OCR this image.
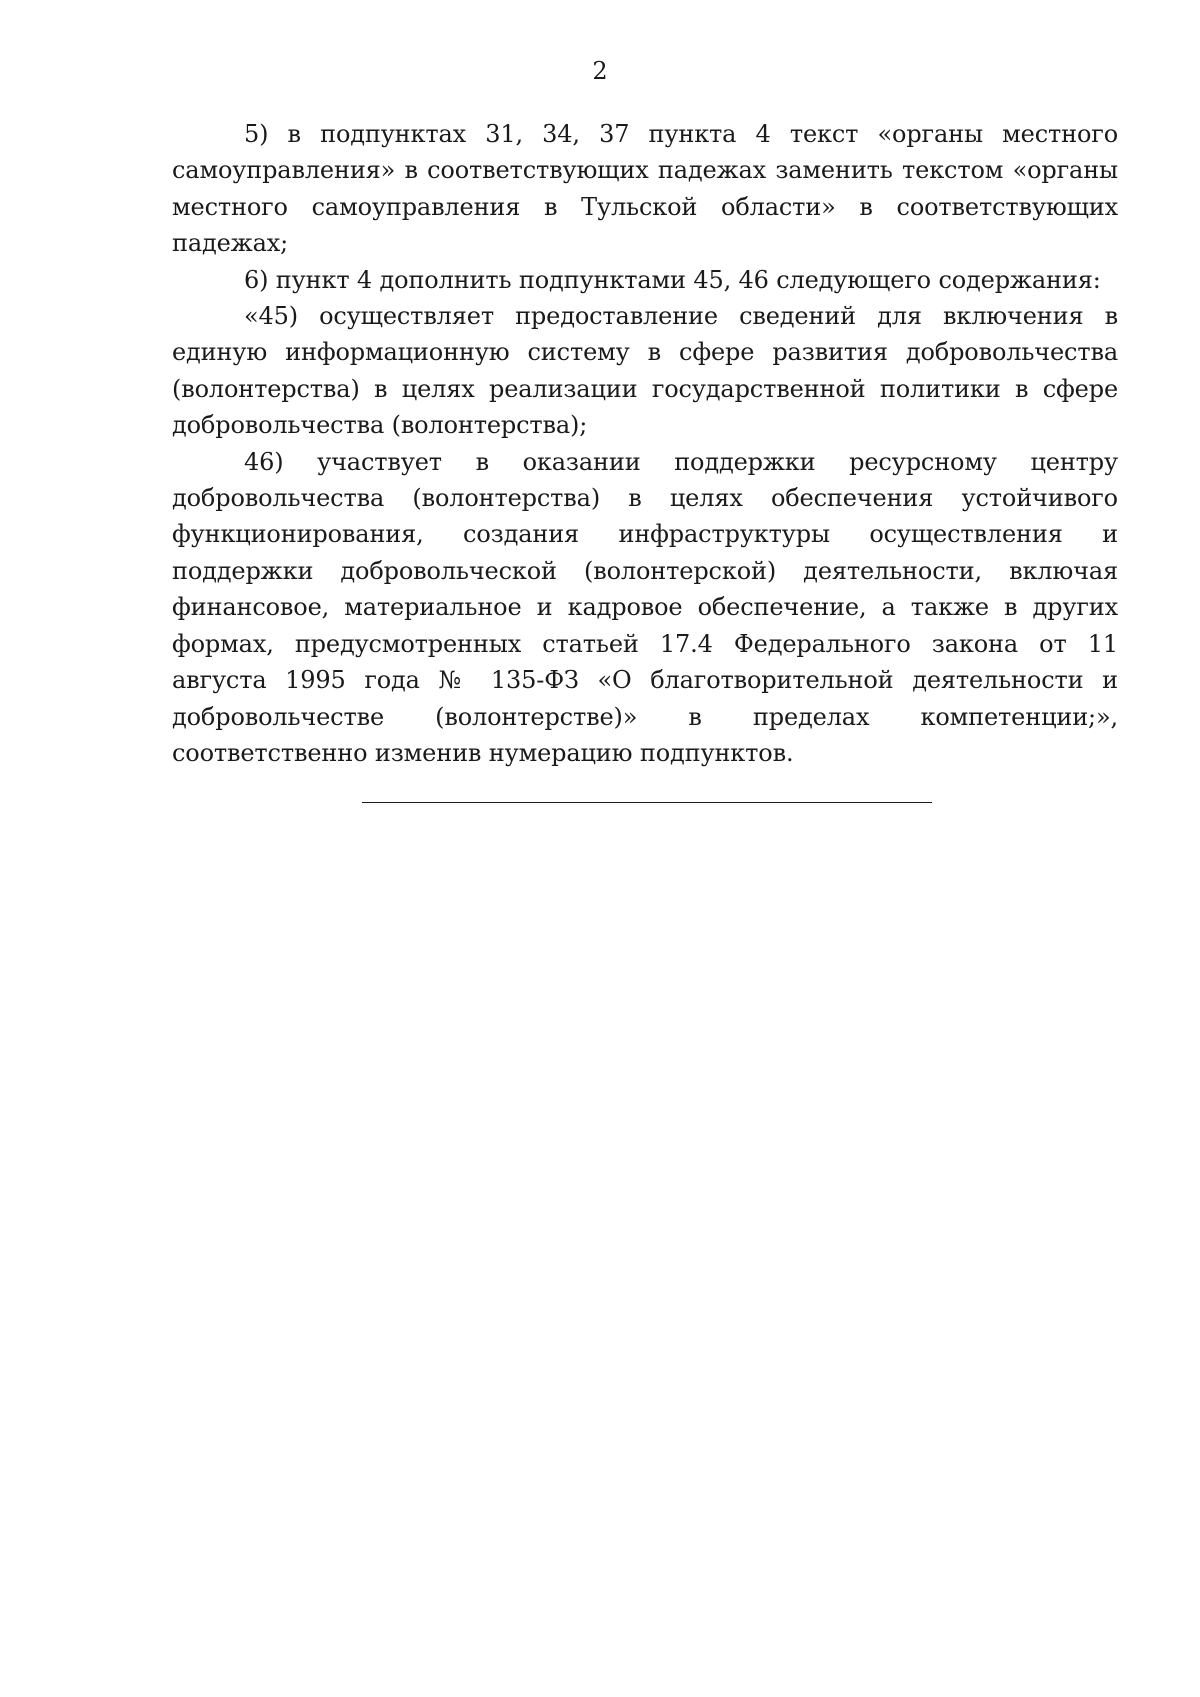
2

5) в подпунктах 31, 34, 37 пункта 4 текст «органы местного самоуправления» в соответствующих падежах заменить текстом «органы местного самоуправления в Тульской области» в соответствующих падежах;

6) пункт 4 дополнить подпунктами 45, 46 следующего содержания:

«45) осуществляет предоставление сведений для включения в единую информационную систему в сфере развития добровольчества (волонтерства) в целях реализации государственной политики в сфере добровольчества (волонтерства);

46) участвует в оказании поддержки ресурсному центру добровольчества (волонтерства) в целях обеспечения устойчивого функционирования, создания инфраструктуры осуществления и поддержки добровольческой (волонтерской) деятельности, включая финансовое, материальное и кадровое обеспечение, а также в других формах, предусмотренных статьей 17.4 Федерального закона от 11 августа 1995 года № 135-ФЗ «О благотворительной деятельности и добровольчестве (волонтерстве)» в пределах компетенции;», соответственно изменив нумерацию подпунктов.
